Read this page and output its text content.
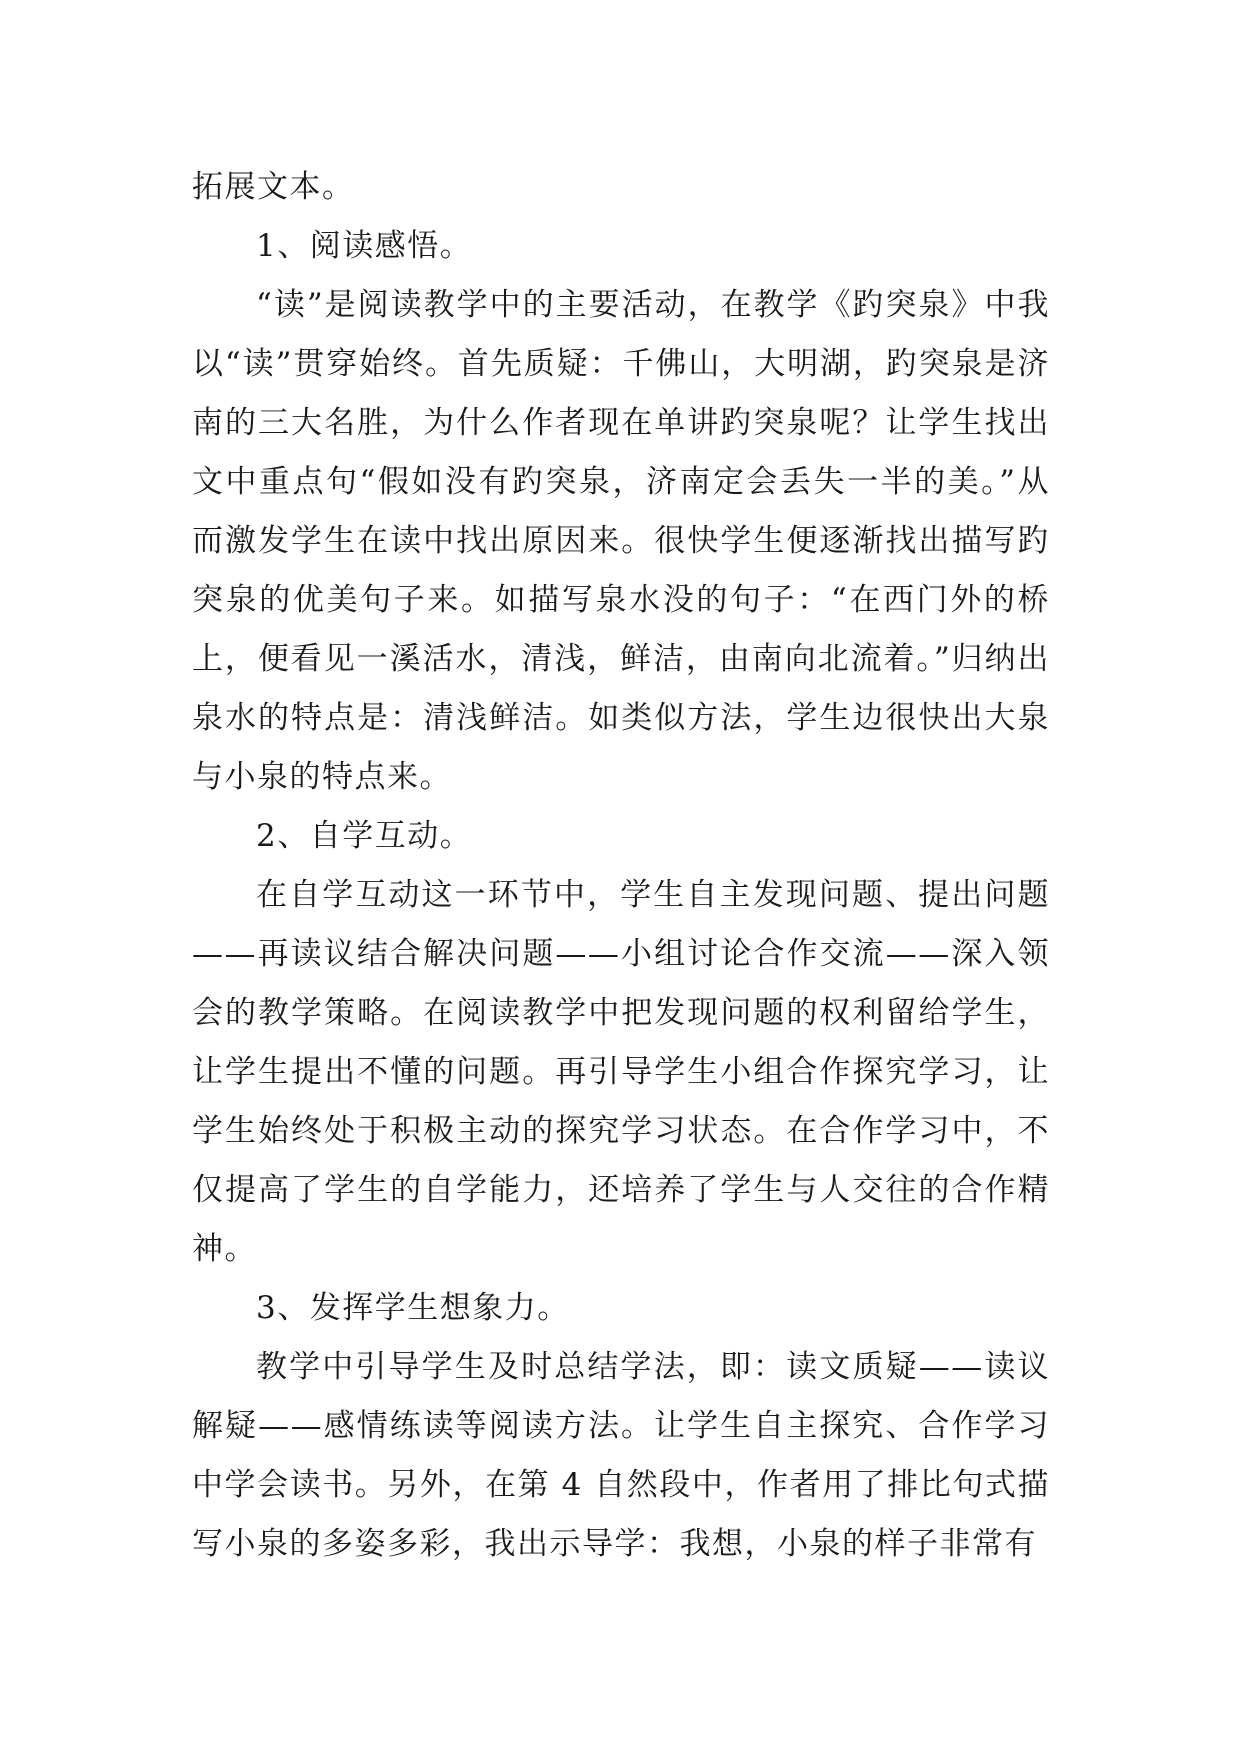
拓展文本。

1、阅读感悟。

“读”是阅读教学中的主要活动，在教学《趵突泉》中我以“读”贯穿始终。首先质疑：千佛山，大明湖，趵突泉是济南的三大名胜，为什么作者现在单讲趵突泉呢？让学生找出文中重点句“假如没有趵突泉，济南定会丢失一半的美。”从而激发学生在读中找出原因来。很快学生便逐渐找出描写趵突泉的优美句子来。如描写泉水没的句子：“在西门外的桥上，便看见一溪活水，清浅，鲜洁，由南向北流着。”归纳出泉水的特点是：清浅鲜洁。如类似方法，学生边很快出大泉与小泉的特点来。

2、自学互动。

在自学互动这一环节中，学生自主发现问题、提出问题——再读议结合解决问题——小组讨论合作交流——深入领会的教学策略。在阅读教学中把发现问题的权利留给学生，让学生提出不懂的问题。再引导学生小组合作探究学习，让学生始终处于积极主动的探究学习状态。在合作学习中，不仅提高了学生的自学能力，还培养了学生与人交往的合作精神。

3、发挥学生想象力。

教学中引导学生及时总结学法，即：读文质疑——读议解疑——感情练读等阅读方法。让学生自主探究、合作学习中学会读书。另外，在第 4 自然段中，作者用了排比句式描写小泉的多姿多彩，我出示导学：我想，小泉的样子非常有
